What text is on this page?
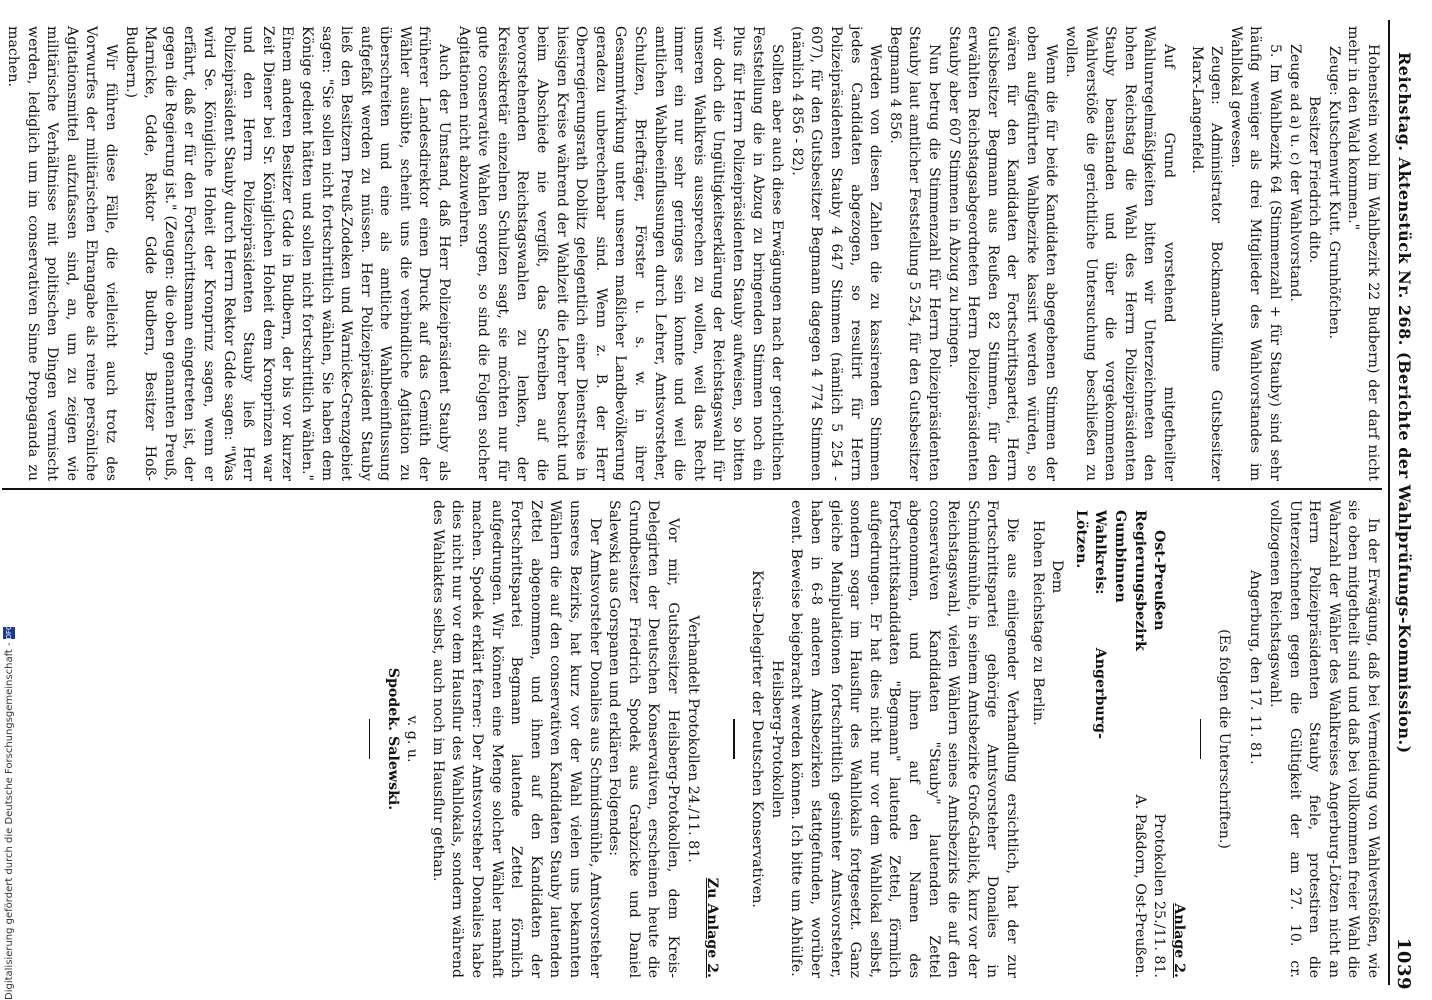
Reichstag. Aktenstück Nr. 268. (Berichte der Wahlprüfungs-Kommission.)
1039

Hohenstein wohl im Wahlbezirk 22 Budbern) der darf nicht mehr in den Wald kommen."

Zeuge: Kutschenwirt Kutt. Grunhöfchen.

Besitzer Friedrich dito.

Zeuge ad a) u. c) der Wahlvorstand.

5. Im Wahlbezirk 64 (Stimmenzahl + für Stauby) sind sehr häufig weniger als drei Mitglieder des Wahlvorstandes im Wahllokal gewesen.

Zeugen: Administrator Bockmann-Mülme Gutsbesitzer Marx-Langenfeld.

Auf Grund vorstehend mitgetheilter Wahlunregelmäßigkeiten bitten wir Unterzeichneten den hohen Reichstag die Wahl des Herrn Polizeipräsidenten Stauby beanstanden und über die vorgekommenen Wahlverstöße die gerichtliche Untersuchung beschließen zu wollen.

Wenn die für beide Kandidaten abgegebenen Stimmen der oben aufgeführten Wahlbezirke kassirt werden würden, so wären für den Kandidaten der Fortschrittspartei, Herrn Gutsbesitzer Begmann aus Reußen 82 Stimmen, für den erwählten Reichstagsabgeordneten Herrn Polizeipräsidenten Stauby aber 607 Stimmen in Abzug zu bringen.

Nun betrug die Stimmenzahl für Herrn Polizeipräsidenten Stauby laut amtlicher Feststellung 5 254, für den Gutsbesitzer Begmann 4 856.

Werden von diesen Zahlen die zu kassirenden Stimmen jedes Candidaten abgezogen, so resultirt für Herrn Polizeipräsidenten Stauby 4 647 Stimmen (nämlich 5 254 - 607), für den Gutsbesitzer Begmann dagegen 4 774 Stimmen (nämlich 4 856 - 82).

Sollten aber auch diese Erwägungen nach der gerichtlichen Feststellung die in Abzug zu bringenden Stimmen noch ein Plus für Herrn Polizeipräsidenten Stauby aufweisen, so bitten wir doch die Ungültigkeitserklärung der Reichstagswahl für unseren Wahlkreis aussprechen zu wollen, weil das Recht immer ein nur sehr geringes sein konnte und weil die amtlichen Wahlbeeinflussungen durch Lehrer, Amtsvorsteher, Schulzen, Briefträger, Förster u. s. w. in ihrer Gesammtwirkung unter unseren maßlicher Landbevölkerung geradezu unberechenbar sind. Wenn z. B. der Herr Oberregierungsrath Doblitz gelegentlich einer Dienstreise in hiesigen Kreise während der Wahlzeit die Lehrer besucht und beim Abschiede nie vergißt, das Schreiben auf die bevorstehenden Reichstagswahlen zu lenken, der Kreissekretär einzelnen Schulzen sagt, sie möchten nur für gute conservative Wahlen sorgen, so sind die Folgen solcher Agitationen nicht abzuwehren.

Auch der Umstand, daß Herr Polizeipräsident Stauby als früherer Landesdirektor einen Druck auf das Gemüth der Wähler ausübte, scheint uns die verbindliche Agitation zu überschreiten und eine als amtliche Wahlbeeinflussung aufgefaßt werden zu müssen. Herr Polizeipräsident Stauby ließ den Besitzern Preuß-Zodeken und Warnicke-Grenzgebiet sagen: "Sie sollen nicht fortschrittlich wählen, Sie haben dem Könige gedient hätten und sollen nicht fortschrittlich wählen." Einem anderen Besitzer Gdde in Budbern, der bis vor kurzer Zeit Diener bei Sr. Königlichen Hoheit dem Kronprinzen war und den Herrn Polizeipräsidenten Stauby ließ Herr Polizeipräsident Stauby durch Herrn Rektor Gdde sagen: "Was wird Se. Königliche Hoheit der Kronprinz sagen, wenn er erfährt, daß er für den Fortschrittsmann eingetreten ist, der gegen die Regierung ist." (Zeugen: die oben genannten Preuß, Marnicke, Gdde, Rektor Gdde Budbern, Besitzer Hoß-Budbern.)

Wir führen diese Fälle, die vielleicht auch trotz des Vorwurfes der militärischen Ehrangabe als reine persönliche Agitationsmittel aufzufassen sind, an, um zu zeigen wie militärische Verhältnisse mit politischen Dingen vermischt werden, lediglich um im conservativen Sinne Propaganda zu machen.

In der Erwägung, daß bei Vermeidung von Wahlverstößen, wie sie oben mitgetheilt sind und daß bei vollkommen freier Wahl die Wahrzahl der Wähler des Wahlkreises Angerburg-Lötzen nicht an Herrn Polizeipräsidenten Stauby fiele, protestiren die Unterzeichneten gegen die Gültigkeit der am 27. 10. cr. vollzogenen Reichstagswahl.

Angerburg, den 17. 11. 81.

(Es folgen die Unterschriften.)

Anlage 2.

Ost-Preußen

Regierungsbezirk Gumbinnen

Wahlkreis: Angerburg-Lötzen.

Protokollen 25./11. 81.

A. Paßdorn, Ost-Preußen.

Dem

Hohen Reichstage zu Berlin.

Die aus einliegender Verhandlung ersichtlich, hat der zur Fortschrittspartei gehörige Amtsvorsteher Donalies in Schmidsmühle, in seinem Amtsbezirke Groß-Gablick, kurz vor der Reichstagswahl, vielen Wählern seines Amtsbezirks die auf den conservativen Kandidaten "Stauby" lautenden Zettel abgenommen, und ihnen auf den Namen des Fortschrittskandidaten "Begmann" lautende Zettel, förmlich aufgedrungen. Er hat dies nicht nur vor dem Wahllokal selbst, sondern sogar im Hausflur des Wahllokals fortgesetzt. Ganz gleiche Manipulationen fortschrittlich gesinnter Amtsvorsteher, haben in 6-8 anderen Amtsbezirken stattgefunden, worüber event. Beweise beigebracht werden können. Ich bitte um Abhülfe.

Heilsberg-Protokollen

Kreis-Delegirter der Deutschen Konservativen.

Zu Anlage 2.

Verhandelt Protokollen 24./11. 81.

Vor mir, Gutsbesitzer Heilsberg-Protokollen, dem Kreis-Delegirten der Deutschen Konservativen, erscheinen heute die Grundbesitzer Friedrich Spodek aus Grabzicke und Daniel Salewski aus Gorspanen und erklären Folgendes:

Der Amtsvorsteher Donalies aus Schmidsmühle, Amtsvorsteher unseres Bezirks, hat kurz vor der Wahl vielen uns bekannten Wählern die auf den conservativen Kandidaten Stauby lautenden Zettel abgenommen, und ihnen auf den Kandidaten der Fortschrittspartei Begmann lautende Zettel förmlich aufgedrungen. Wir können eine Menge solcher Wähler namhaft machen. Spodek erklärt ferner: Der Amtsvorsteher Donalies habe dies nicht nur vor dem Hausflur des Wahllokals, sondern während des Wahlaktes selbst, auch noch im Hausflur gethan.

v. g. u.

Spodek. Salewski.

Digitalisierung gefördert durch die Deutsche Forschungsgemeinschaft -DFG
